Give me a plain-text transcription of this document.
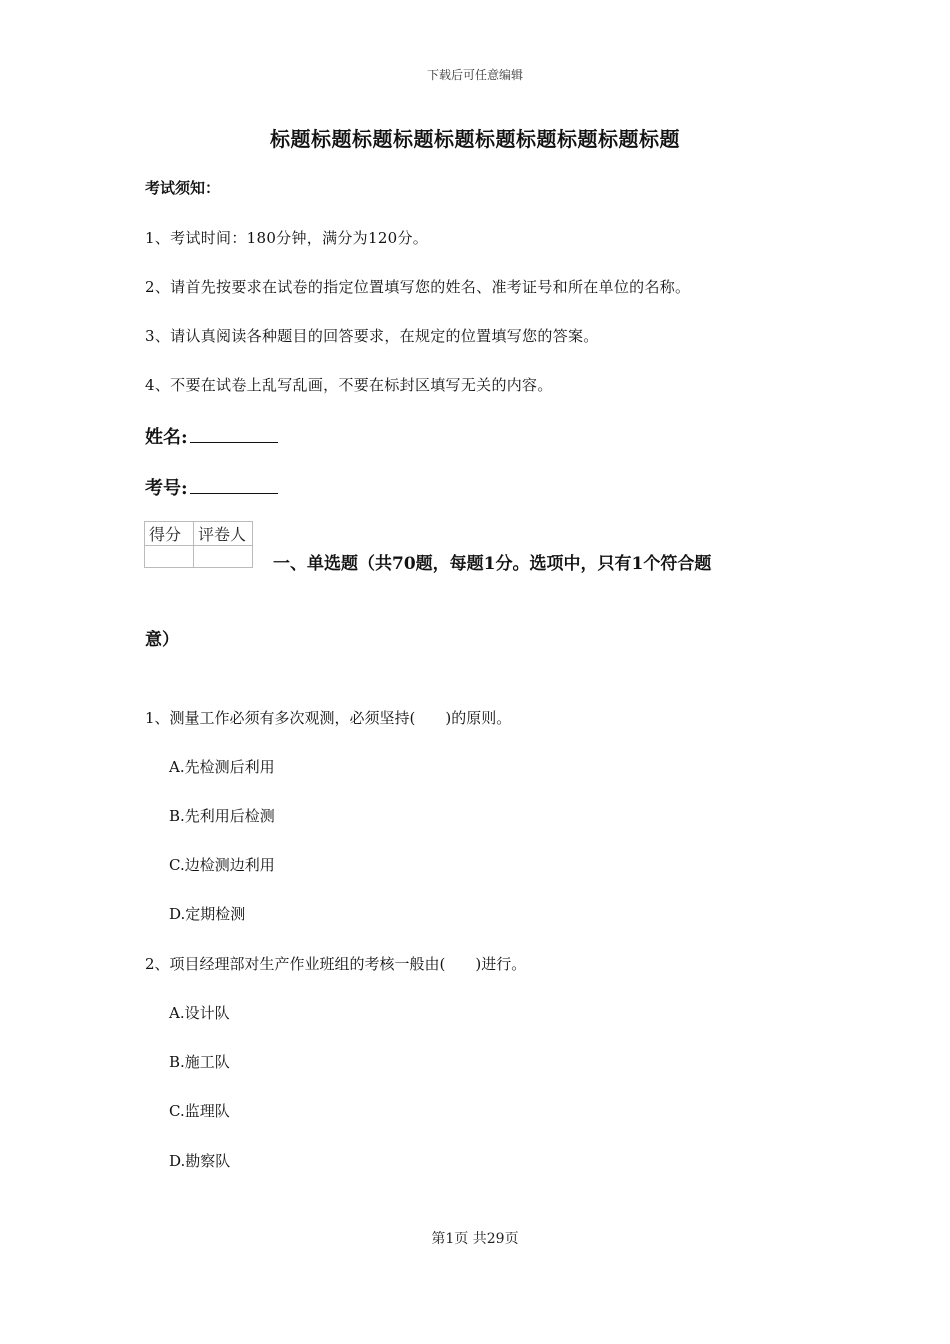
下载后可任意编辑
标题标题标题标题标题标题标题标题标题标题
考试须知：
1、考试时间：180分钟，满分为120分。
2、请首先按要求在试卷的指定位置填写您的姓名、准考证号和所在单位的名称。
3、请认真阅读各种题目的回答要求，在规定的位置填写您的答案。
4、不要在试卷上乱写乱画，不要在标封区填写无关的内容。
姓名:
考号:
得分	评卷人

一、单选题（共70题，每题1分。选项中，只有1个符合题
意）
1、测量工作必须有多次观测，必须坚持(　　)的原则。
A.先检测后利用
B.先利用后检测
C.边检测边利用
D.定期检测
2、项目经理部对生产作业班组的考核一般由(　　)进行。
A.设计队
B.施工队
C.监理队
D.勘察队
第1页 共29页
